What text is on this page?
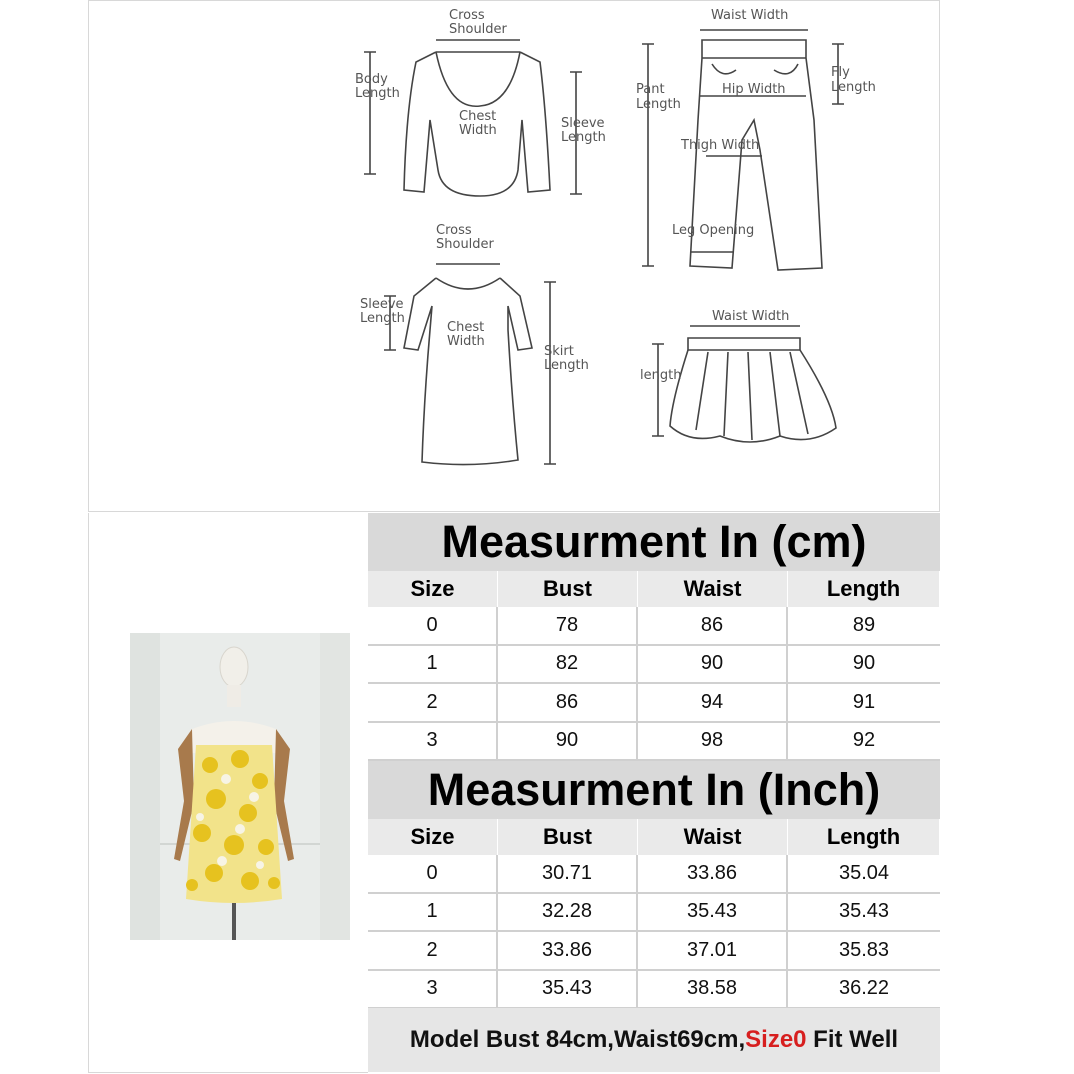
Cross
Shoulder
Body
Length
Chest
Width	Sleeve
Length
Waist Width
Pant
Length
Fly
Length
Hip Width
Thigh Width
Leg Opening
Cross
Shoulder
Sleeve
Length
Chest
Width
Skirt
Length
Waist Width
length
Measurment In (cm)
Size	Bust	Waist	Length
0	78	86	89
1	82	90	90
2	86	94	91
3	90	98	92
Measurment In (Inch)
Size	Bust	Waist	Length
0	30.71	33.86	35.04
1	32.28	35.43	35.43
2	33.86	37.01	35.83
3	35.43	38.58	36.22
Model Bust 84cm,Waist69cm, Size0 Fit Well
